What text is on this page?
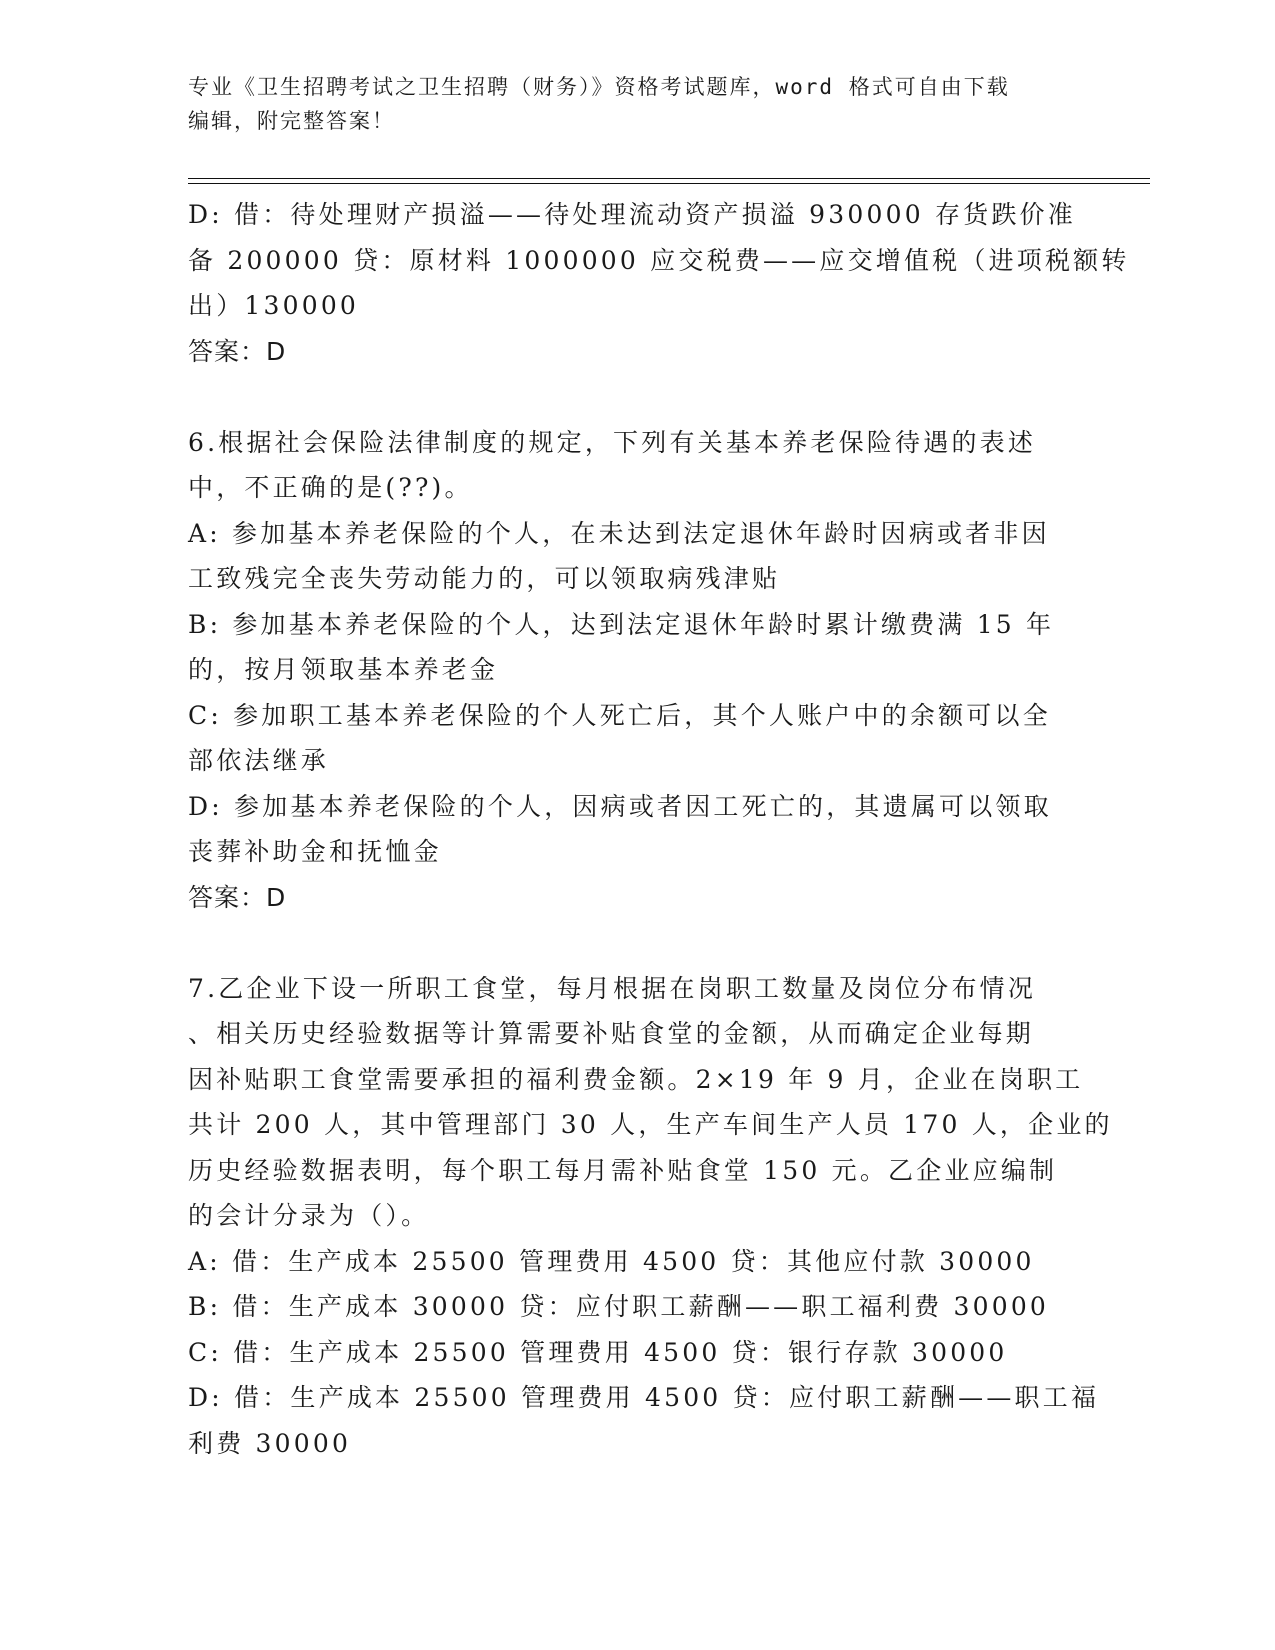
专业《卫生招聘考试之卫生招聘（财务）》资格考试题库，word 格式可自由下载
编辑，附完整答案！
D: 借：待处理财产损溢——待处理流动资产损溢 930000 存货跌价准
备 200000 贷：原材料 1000000 应交税费——应交增值税（进项税额转
出）130000
答案：D
6.根据社会保险法律制度的规定，下列有关基本养老保险待遇的表述
中，不正确的是(??)。
A: 参加基本养老保险的个人，在未达到法定退休年龄时因病或者非因
工致残完全丧失劳动能力的，可以领取病残津贴
B: 参加基本养老保险的个人，达到法定退休年龄时累计缴费满 15 年
的，按月领取基本养老金
C: 参加职工基本养老保险的个人死亡后，其个人账户中的余额可以全
部依法继承
D: 参加基本养老保险的个人，因病或者因工死亡的，其遗属可以领取
丧葬补助金和抚恤金
答案：D
7.乙企业下设一所职工食堂，每月根据在岗职工数量及岗位分布情况
、相关历史经验数据等计算需要补贴食堂的金额，从而确定企业每期
因补贴职工食堂需要承担的福利费金额。2×19 年 9 月，企业在岗职工
共计 200 人，其中管理部门 30 人，生产车间生产人员 170 人，企业的
历史经验数据表明，每个职工每月需补贴食堂 150 元。乙企业应编制
的会计分录为（）。
A: 借：生产成本 25500 管理费用 4500 贷：其他应付款 30000
B: 借：生产成本 30000 贷：应付职工薪酬——职工福利费 30000
C: 借：生产成本 25500 管理费用 4500 贷：银行存款 30000
D: 借：生产成本 25500 管理费用 4500 贷：应付职工薪酬——职工福
利费 30000
